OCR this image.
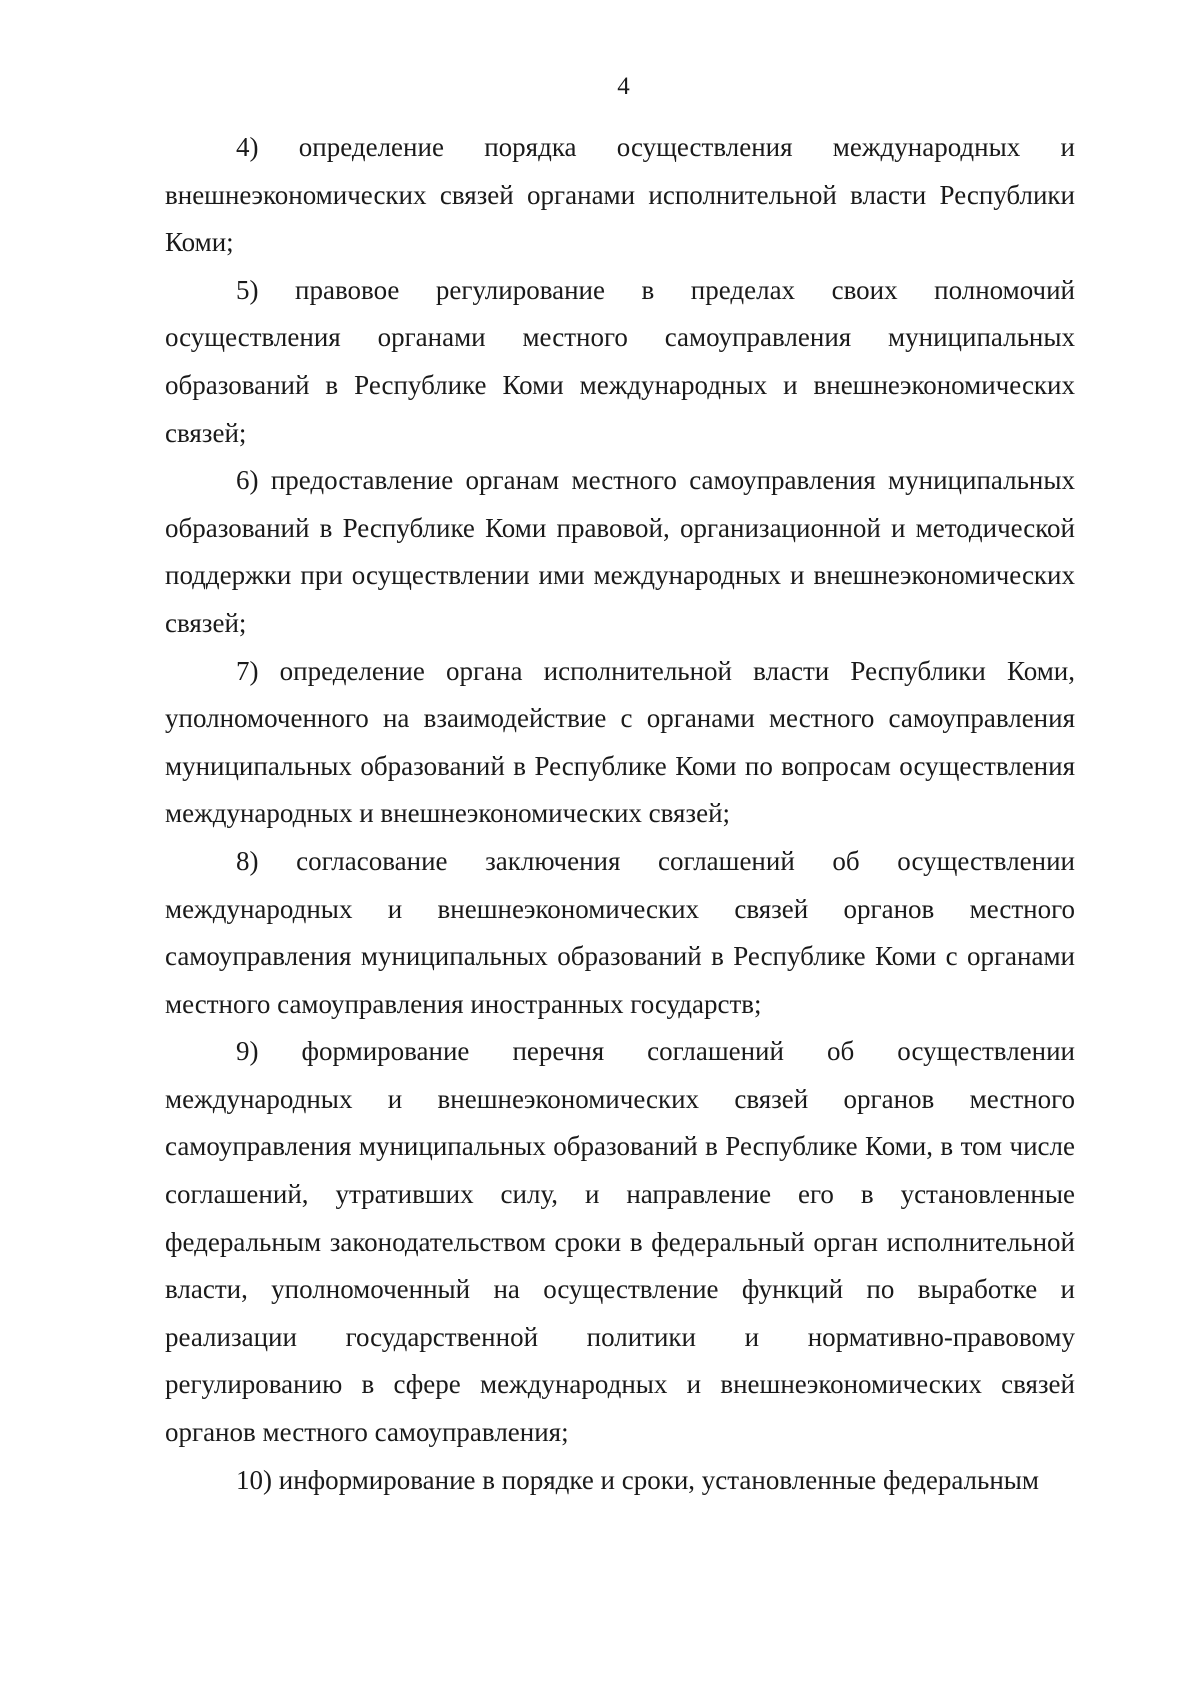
4

4) определение порядка осуществления международных и внешнеэкономических связей органами исполнительной власти Республики Коми;

5) правовое регулирование в пределах своих полномочий осуществления органами местного самоуправления муниципальных образований в Республике Коми международных и внешнеэкономических связей;

6) предоставление органам местного самоуправления муниципальных образований в Республике Коми правовой, организационной и методической поддержки при осуществлении ими международных и внешнеэкономических связей;

7) определение органа исполнительной власти Республики Коми, уполномоченного на взаимодействие с органами местного самоуправления муниципальных образований в Республике Коми по вопросам осуществления международных и внешнеэкономических связей;

8) согласование заключения соглашений об осуществлении международных и внешнеэкономических связей органов местного самоуправления муниципальных образований в Республике Коми с органами местного самоуправления иностранных государств;

9) формирование перечня соглашений об осуществлении международных и внешнеэкономических связей органов местного самоуправления муниципальных образований в Республике Коми, в том числе соглашений, утративших силу, и направление его в установленные федеральным законодательством сроки в федеральный орган исполнительной власти, уполномоченный на осуществление функций по выработке и реализации государственной политики и нормативно-правовому регулированию в сфере международных и внешнеэкономических связей органов местного самоуправления;

10) информирование в порядке и сроки, установленные федеральным
